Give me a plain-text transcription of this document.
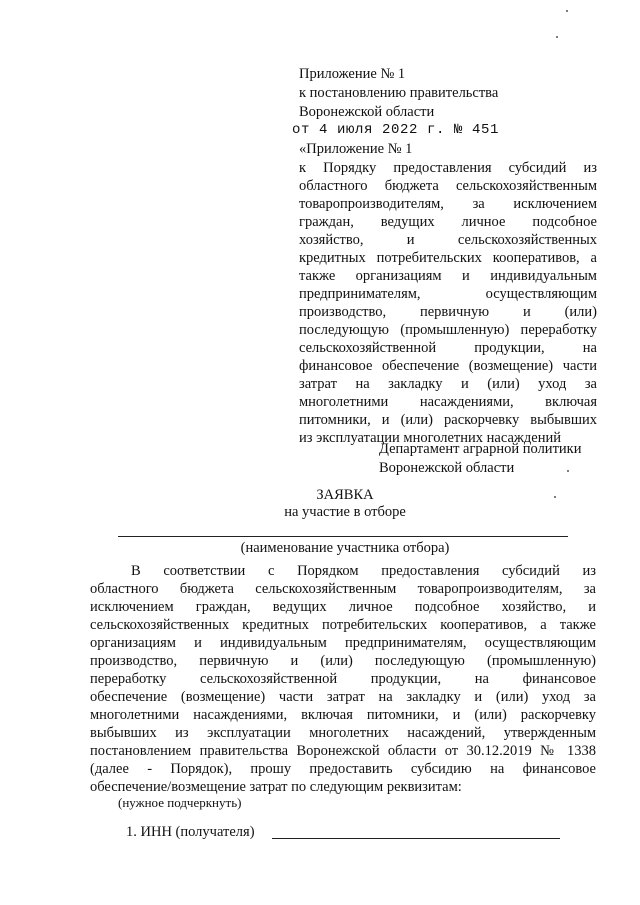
Приложение № 1

к постановлению правительства

Воронежской области

от 4 июля 2022 г. № 451

«Приложение № 1

к Порядку предоставления субсидий из

областного бюджета сельскохозяйственным

товаропроизводителям, за исключением

граждан, ведущих личное подсобное

хозяйство, и сельскохозяйственных

кредитных потребительских кооперативов, а

также организациям и индивидуальным

предпринимателям, осуществляющим

производство, первичную и (или)

последующую (промышленную) переработку

сельскохозяйственной продукции, на

финансовое обеспечение (возмещение) части

затрат на закладку и (или) уход за

многолетними насаждениями, включая

питомники, и (или) раскорчевку выбывших

из эксплуатации многолетних насаждений

Департамент аграрной политики

Воронежской области

ЗАЯВКА

на участие в отборе

(наименование участника отбора)

В соответствии с Порядком предоставления субсидий из

областного бюджета сельскохозяйственным товаропроизводителям, за

исключением граждан, ведущих личное подсобное хозяйство, и

сельскохозяйственных кредитных потребительских кооперативов, а также

организациям и индивидуальным предпринимателям, осуществляющим

производство, первичную и (или) последующую (промышленную)

переработку сельскохозяйственной продукции, на финансовое

обеспечение (возмещение) части затрат на закладку и (или) уход за

многолетними насаждениями, включая питомники, и (или) раскорчевку

выбывших из эксплуатации многолетних насаждений, утвержденным

постановлением правительства Воронежской области от 30.12.2019 № 1338

(далее - Порядок), прошу предоставить субсидию на финансовое

обеспечение/возмещение затрат по следующим реквизитам:

(нужное подчеркнуть)

1. ИНН (получателя)
